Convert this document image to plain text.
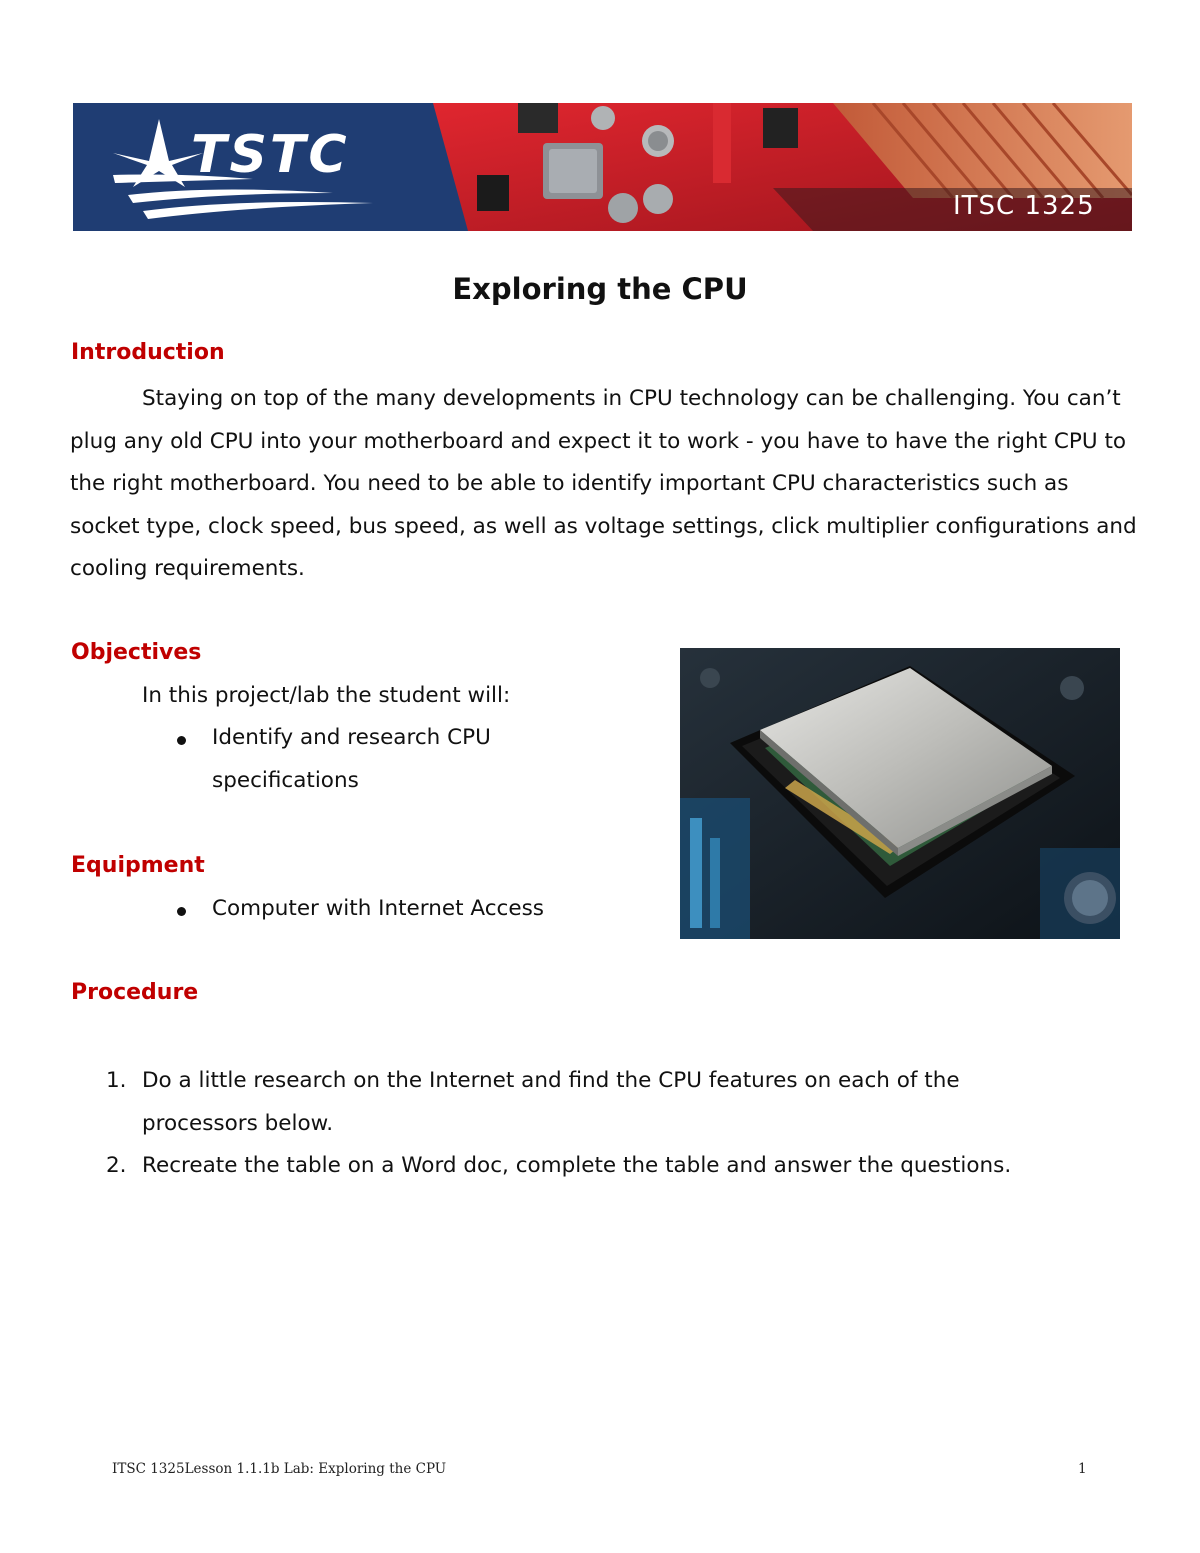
TSTC
ITSC 1325
Exploring the CPU
Introduction

Staying on top of the many developments in CPU technology can be challenging. You can’t plug any old CPU into your motherboard and expect it to work - you have to have the right CPU to the right motherboard. You need to be able to identify important CPU characteristics such as socket type, clock speed, bus speed, as well as voltage settings, click multiplier configurations and cooling requirements.

Objectives

In this project/lab the student will:

Identify and research CPU
specifications
Equipment
Computer with Internet Access
Procedure
1. Do a little research on the Internet and find the CPU features on each of the
processors below.
2. Recreate the table on a Word doc, complete the table and answer the questions.

ITSC 1325Lesson 1.1.1b Lab: Exploring the CPU	1
